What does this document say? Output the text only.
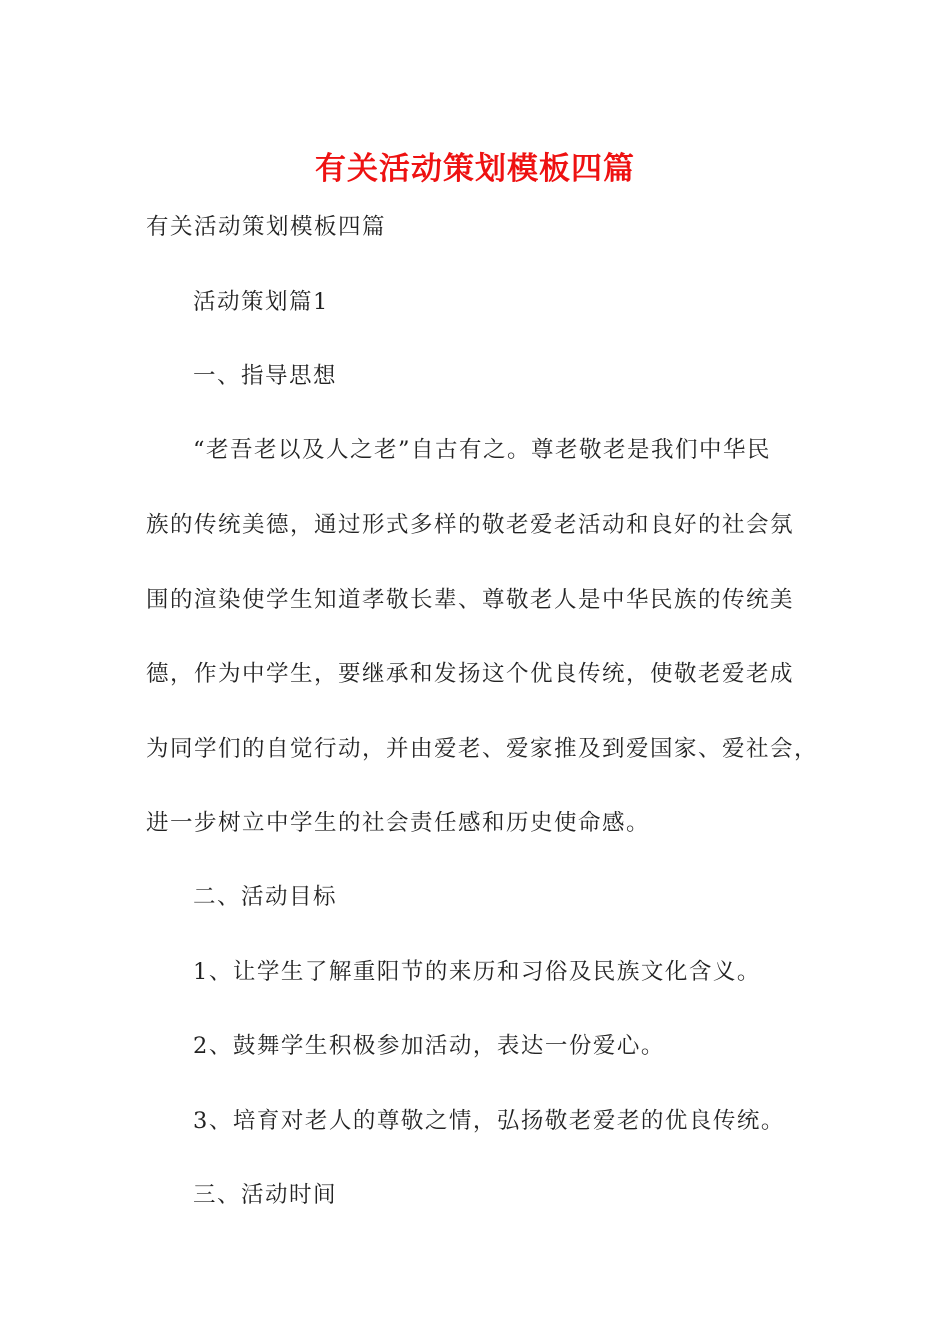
有关活动策划模板四篇
有关活动策划模板四篇
活动策划篇1
一、指导思想
“老吾老以及人之老”自古有之。尊老敬老是我们中华民
族的传统美德，通过形式多样的敬老爱老活动和良好的社会氛
围的渲染使学生知道孝敬长辈、尊敬老人是中华民族的传统美
德，作为中学生，要继承和发扬这个优良传统，使敬老爱老成
为同学们的自觉行动，并由爱老、爱家推及到爱国家、爱社会，
进一步树立中学生的社会责任感和历史使命感。
二、活动目标
1、让学生了解重阳节的来历和习俗及民族文化含义。
2、鼓舞学生积极参加活动，表达一份爱心。
3、培育对老人的尊敬之情，弘扬敬老爱老的优良传统。
三、活动时间
